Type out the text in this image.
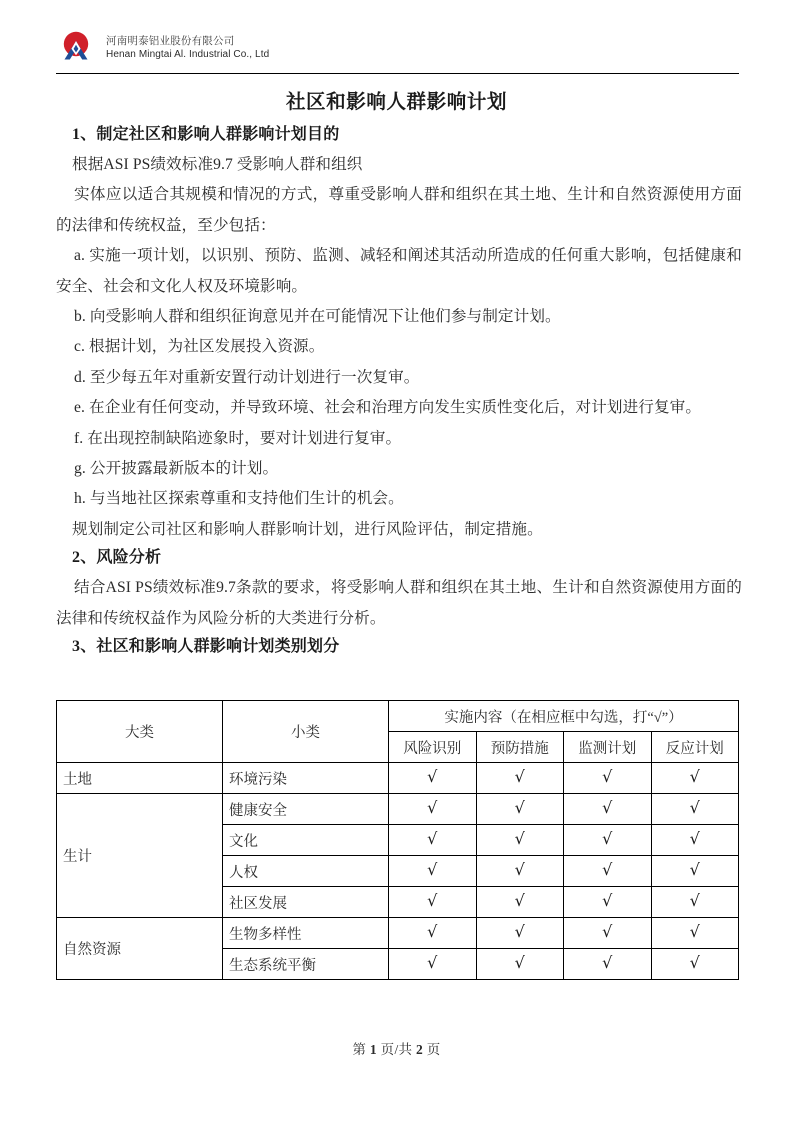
河南明泰铝业股份有限公司
Henan Mingtai Al. Industrial Co., Ltd
社区和影响人群影响计划
1、制定社区和影响人群影响计划目的

根据ASI PS绩效标准9.7 受影响人群和组织

实体应以适合其规模和情况的方式，尊重受影响人群和组织在其土地、生计和自然资源使用方面的法律和传统权益，至少包括：

a. 实施一项计划，以识别、预防、监测、减轻和阐述其活动所造成的任何重大影响，包括健康和安全、社会和文化人权及环境影响。

b. 向受影响人群和组织征询意见并在可能情况下让他们参与制定计划。

c. 根据计划，为社区发展投入资源。

d. 至少每五年对重新安置行动计划进行一次复审。

e. 在企业有任何变动，并导致环境、社会和治理方向发生实质性变化后，对计划进行复审。

f. 在出现控制缺陷迹象时，要对计划进行复审。

g. 公开披露最新版本的计划。

h. 与当地社区探索尊重和支持他们生计的机会。

规划制定公司社区和影响人群影响计划，进行风险评估，制定措施。

2、风险分析

结合ASI PS绩效标准9.7条款的要求，将受影响人群和组织在其土地、生计和自然资源使用方面的法律和传统权益作为风险分析的大类进行分析。

3、社区和影响人群影响计划类别划分
大类	小类	实施内容（在相应框中勾选，打“√”）			
		风险识别	预防措施	监测计划	反应计划
土地	环境污染	√	√	√	√
生计	健康安全	√	√	√	√
	文化	√	√	√	√
	人权	√	√	√	√
	社区发展	√	√	√	√
自然资源	生物多样性	√	√	√	√
	生态系统平衡	√	√	√	√
第 1 页/共 2 页
